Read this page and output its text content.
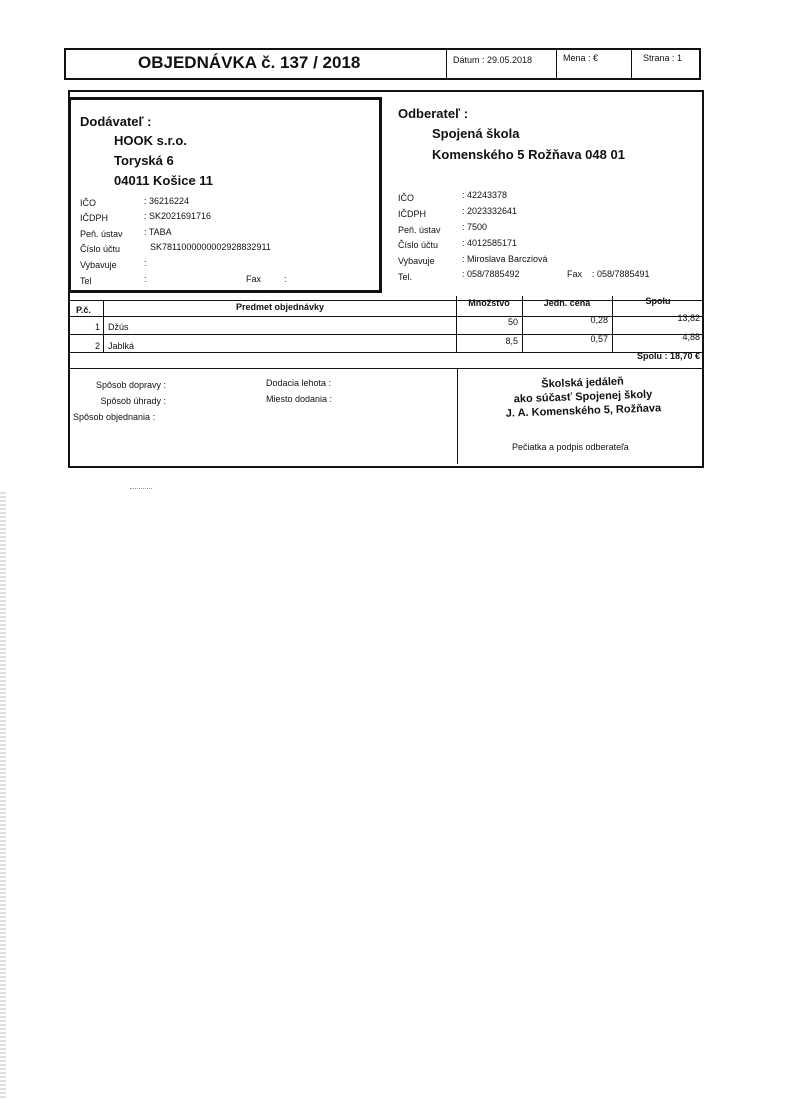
OBJEDNÁVKA č. 137 / 2018	Dátum : 29.05.2018	Mena : €	Strana : 1
Dodávateľ :
HOOK s.r.o.
Toryská 6
04011 Košice 11
IČO	: 36216224
IČDPH	: SK2021691716
Peň. ústav : TABA
Číslo účtu	SK7811000000002928832911
Vybavuje	:
Tel	:	Fax	:
Odberateľ :
Spojená škola
Komenského 5 Rožňava 048 01
IČO	: 42243378
IČDPH	: 2023332641
Peň. ústav : 7500
Číslo účtu	: 4012585171
Vybavuje	: Miroslava Barcziová
Tel.	: 058/7885492	Fax : 058/7885491
P.č.	Predmet objednávky	Množstvo	Jedn. cena	Spolu
1 Džús	50	0,28	13,82
2 Jablká	8,5	0,57	4,88
Spolu : 18,70 €
Spôsob dopravy :
Spôsob úhrady :
Spôsob objednania :
Dodacia lehota :
Miesto dodania :
Školská jedáleň
ako súčasť Spojenej školy
J. A. Komenského 5, Rožňava
Pečiatka a podpis odberateľa
